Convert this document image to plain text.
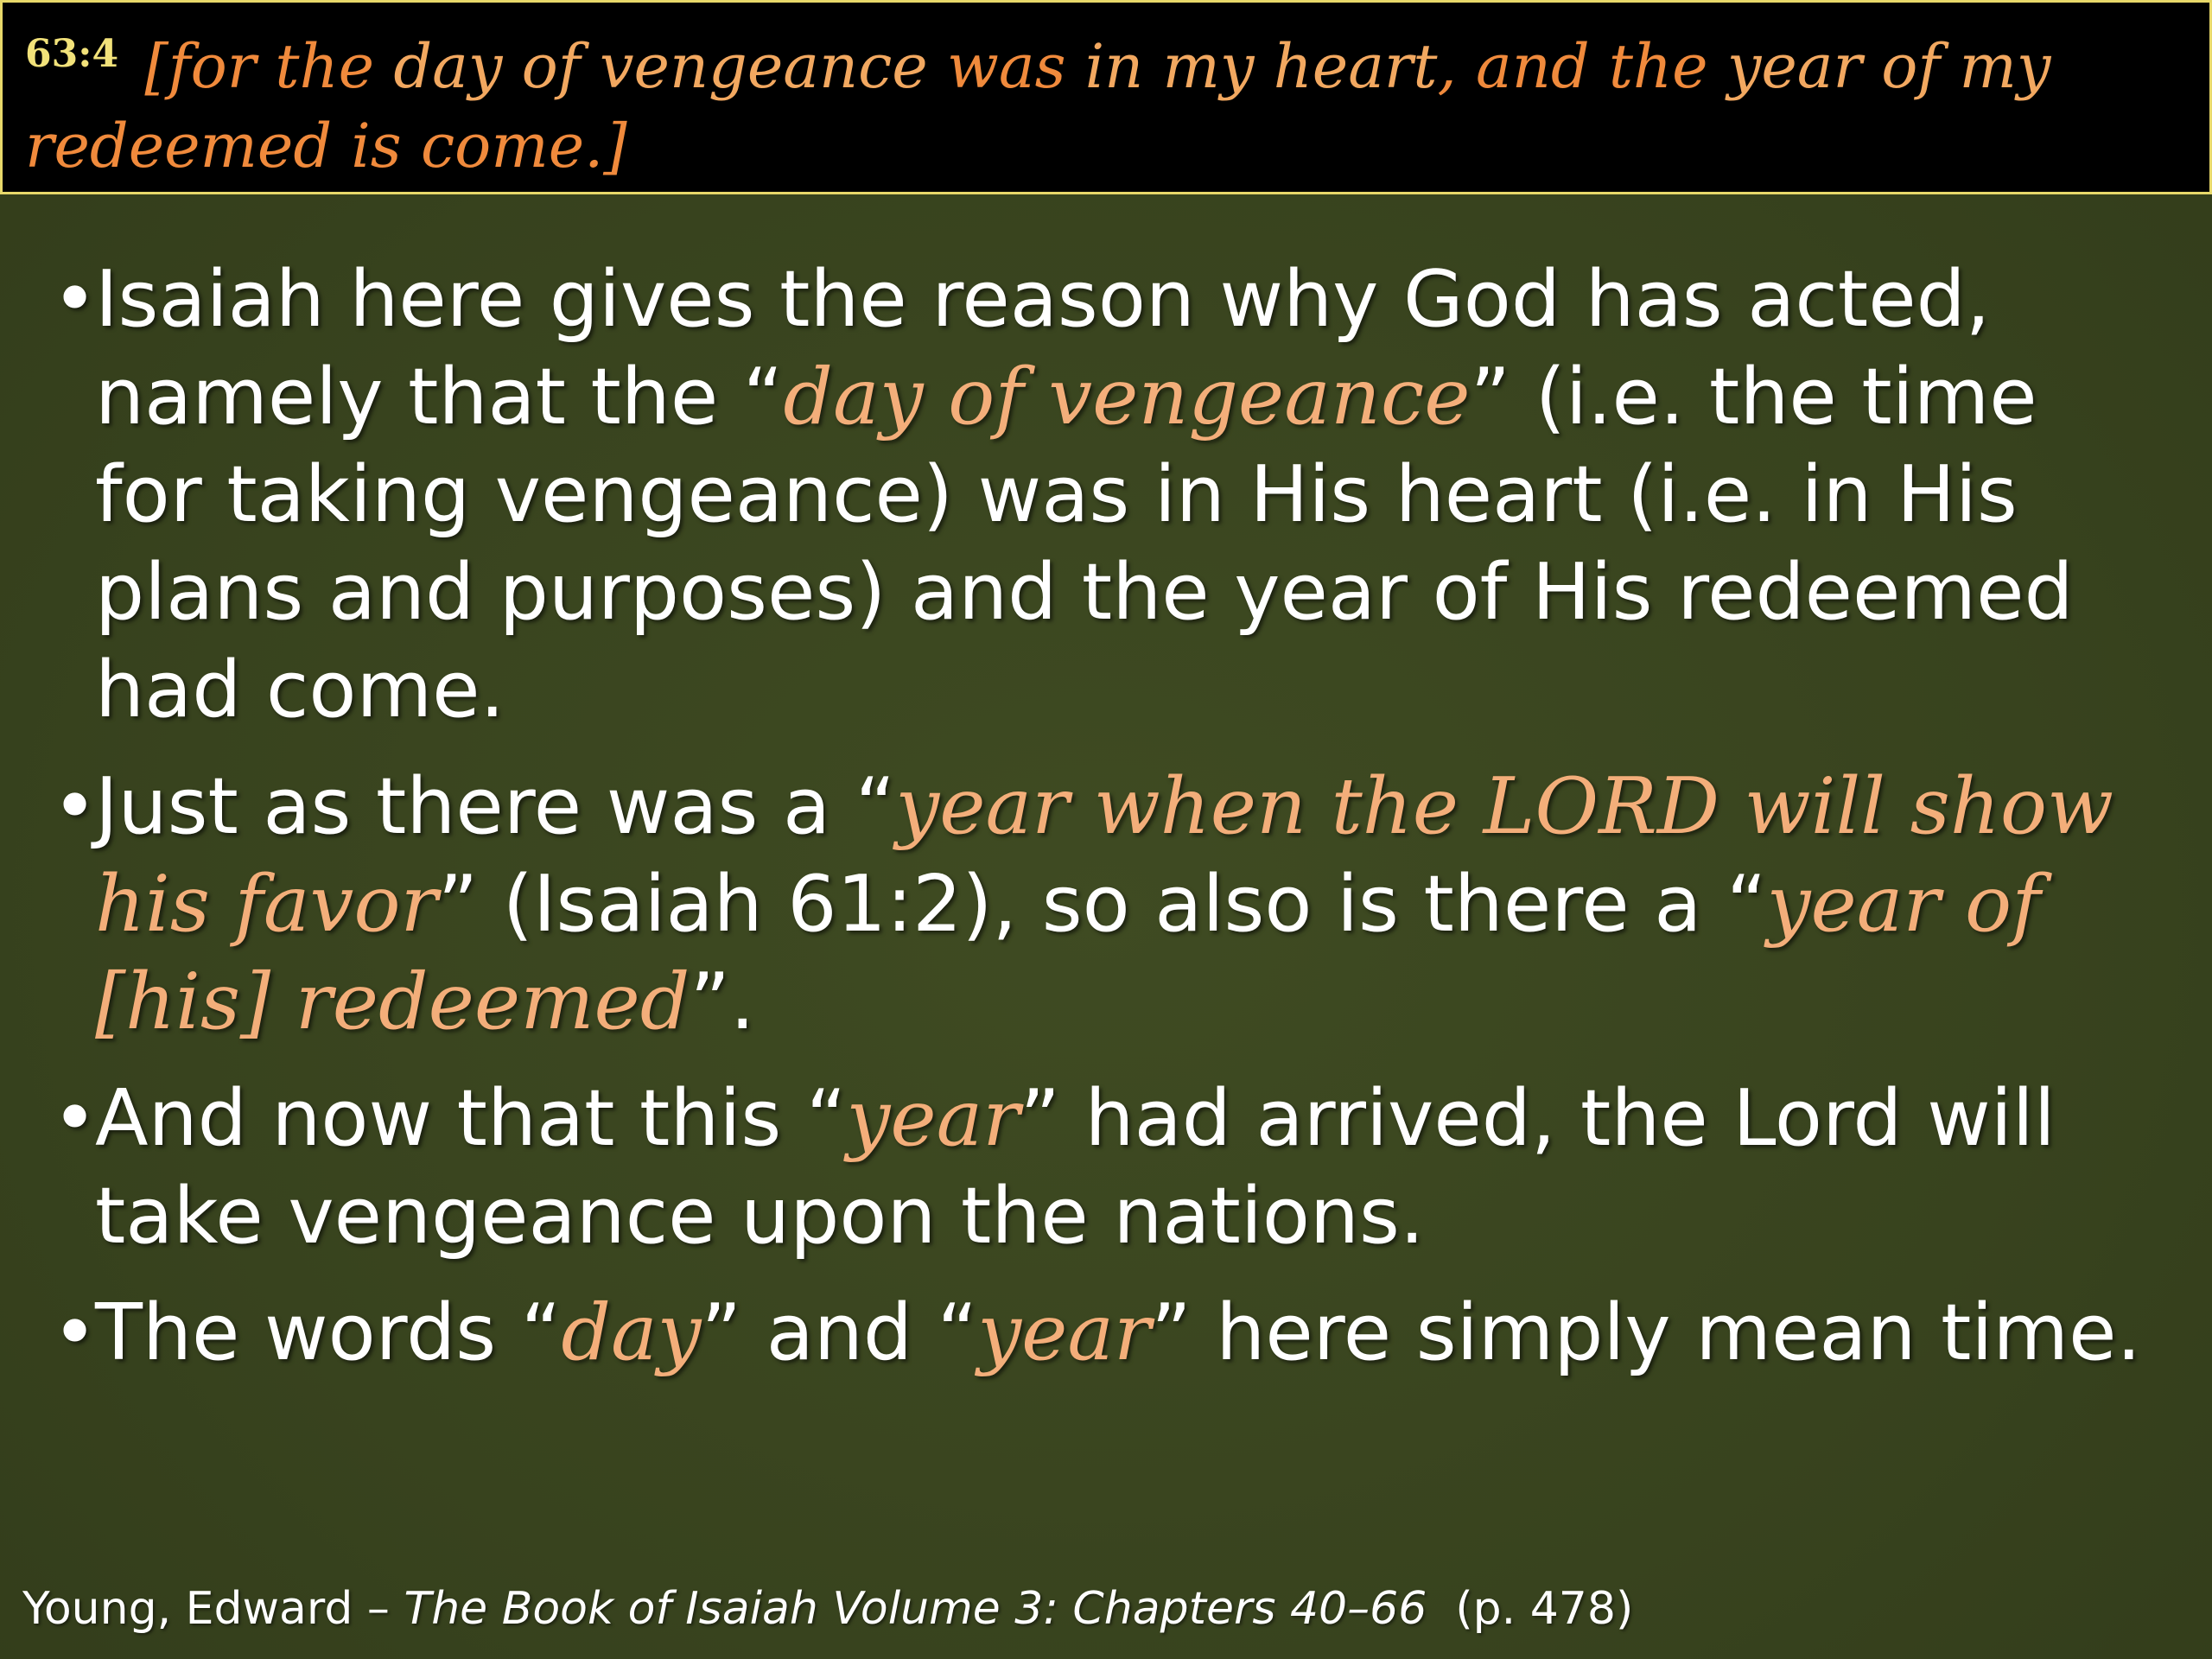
$^{63:4}$ [for the day of vengeance was in my heart, and the year of my redeemed is come.]
•
Isaiah here gives the reason why God has acted, namely that the “day of vengeance” (i.e. the time for taking vengeance) was in His heart (i.e. in His plans and purposes) and the year of His redeemed had come.
•
Just as there was a “year when the LORD will show his favor” (Isaiah 61:2), so also is there a “year of [his] redeemed”.
•
And now that this “year” had arrived, the Lord will take vengeance upon the nations.
•
The words “day” and “year” here simply mean time.
Young, Edward – The Book of Isaiah Volume 3: Chapters 40–66  (p. 478)
